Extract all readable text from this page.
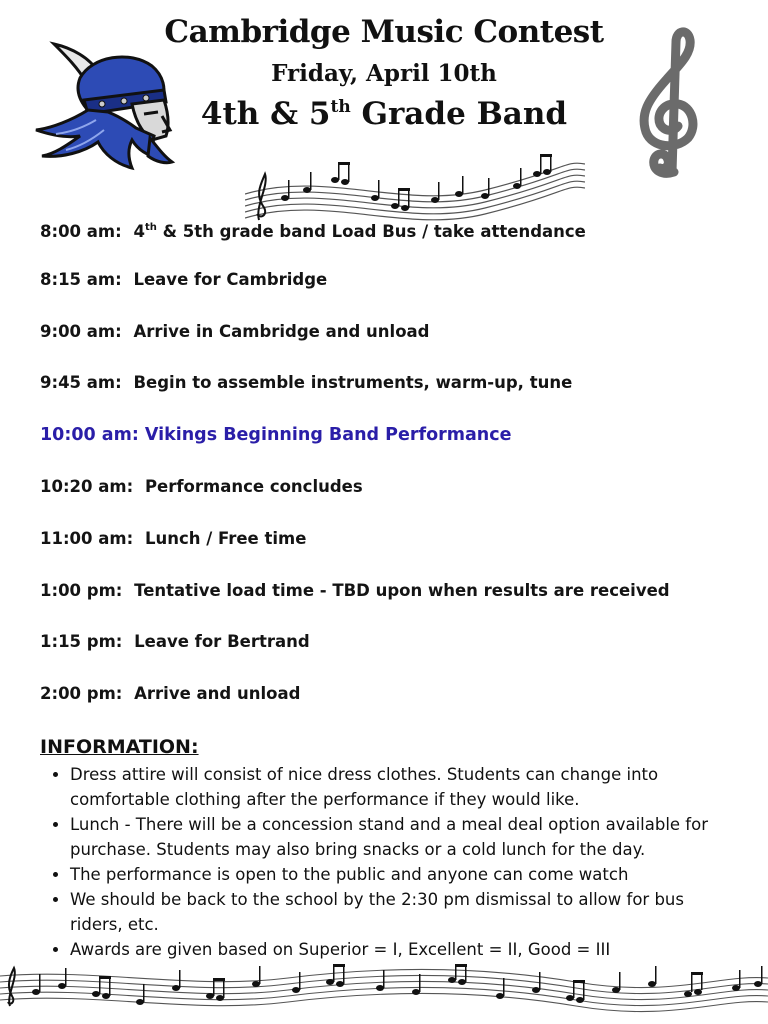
Cambridge Music Contest
Friday, April 10th
4th & 5th Grade Band
8:00 am: 4th & 5th grade band Load Bus / take attendance
8:15 am: Leave for Cambridge
9:00 am: Arrive in Cambridge and unload
9:45 am: Begin to assemble instruments, warm-up, tune
10:00 am: Vikings Beginning Band Performance
10:20 am: Performance concludes
11:00 am: Lunch / Free time
1:00 pm: Tentative load time - TBD upon when results are received
1:15 pm: Leave for Bertrand
2:00 pm: Arrive and unload
INFORMATION:
• Dress attire will consist of nice dress clothes. Students can change into comfortable clothing after the performance if they would like.
• Lunch - There will be a concession stand and a meal deal option available for purchase. Students may also bring snacks or a cold lunch for the day.
• The performance is open to the public and anyone can come watch
• We should be back to the school by the 2:30 pm dismissal to allow for bus riders, etc.
• Awards are given based on Superior = I, Excellent = II, Good = III
